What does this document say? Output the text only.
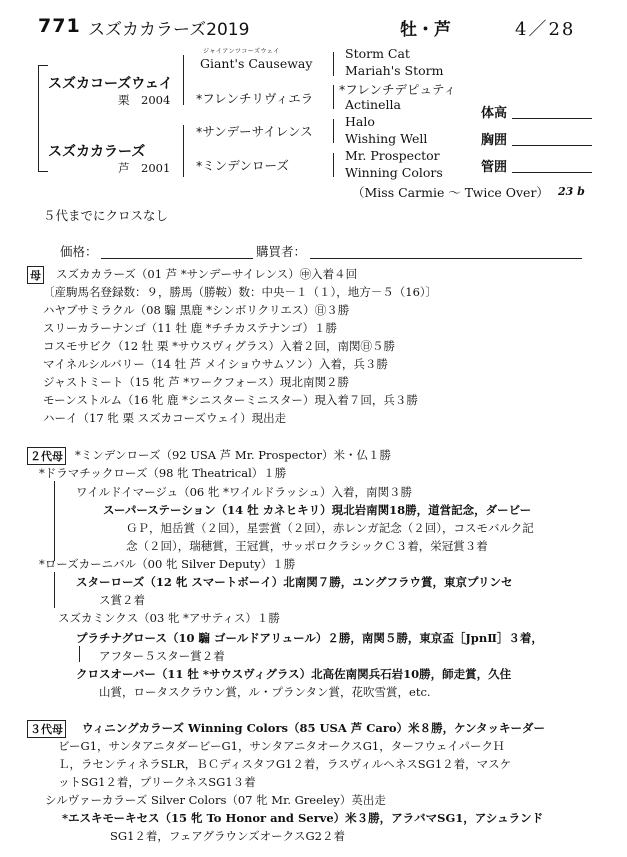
771 スズカカラーズ2019	牡・芦	4／28
スズカコーズウェイ
栗　2004
スズカカラーズ
芦　2001
ジャイアンツコーズウェイ
Giant's Causeway
*フレンチリヴィエラ
*サンデーサイレンス
*ミンデンローズ
Storm Cat
Mariah's Storm
*フレンチデピュティ
Actinella
Halo
Wishing Well
Mr. Prospector
Winning Colors
（Miss Carmie ～ Twice Over） 23 b
体高
胸囲
管囲
５代までにクロスなし
価格：	購買者：
母 スズカカラーズ（01 芦 *サンデーサイレンス）㊥入着４回
〔産駒馬名登録数：９，勝馬（勝鞍）数：中央－１（１），地方－５（16）〕
ハヤブサミラクル（08 騸 黒鹿 *シンボリクリエス）㊐３勝
スリーカラーナンゴ（11 牡 鹿 *チチカステナンゴ）１勝
コスモサビク（12 牡 栗 *サウスヴィグラス）入着２回，南関㊐５勝
マイネルシルバリー（14 牡 芦 メイショウサムソン）入着，兵３勝
ジャストミート（15 牝 芦 *ワークフォース）現北南関２勝
モーンストルム（16 牝 鹿 *シニスターミニスター）現入着７回，兵３勝
ハーイ（17 牝 栗 スズカコーズウェイ）現出走
２代母 *ミンデンローズ（92 USA 芦 Mr. Prospector）米・仏１勝
*ドラマチックローズ（98 牝 Theatrical）１勝
ワイルドイマージュ（06 牝 *ワイルドラッシュ）入着，南関３勝
スーパーステーション（14 牡 カネヒキリ）現北岩南関18勝，道営記念，ダービー
ＧＰ，旭岳賞（２回），星雲賞（２回），赤レンガ記念（２回），コスモバルク記
念（２回），瑞穂賞，王冠賞，サッポロクラシックＣ３着，栄冠賞３着
*ローズカーニバル（00 牝 Silver Deputy）１勝
スターローズ（12 牝 スマートボーイ）北南関７勝，ユングフラウ賞，東京プリンセ
ス賞２着
スズカミンクス（03 牝 *アサティス）１勝
プラチナグロース（10 騸 ゴールドアリュール）２勝，南関５勝，東京盃［JpnⅡ］３着，
アフター５スター賞２着
クロスオーバー（11 牡 *サウスヴィグラス）北高佐南関兵石岩10勝，師走賞，久住
山賞，ロータスクラウン賞，ル・プランタン賞，花吹雪賞，etc.
３代母 ウィニングカラーズ Winning Colors（85 USA 芦 Caro）米８勝，ケンタッキーダー
ビーG1，サンタアニタダービーG1，サンタアニタオークスG1，ターフウェイパークＨ
Ｌ，ラセンティネラSLR，ＢＣディスタフG1２着，ラスヴィルヘネスSG1２着，マスケ
ットSG1２着，プリークネスSG1３着
シルヴァーカラーズ Silver Colors（07 牝 Mr. Greeley）英出走
*エスキモーキセス（15 牝 To Honor and Serve）米３勝，アラバマSG1，アシュランド
SG1２着，フェアグラウンズオークスG2２着
